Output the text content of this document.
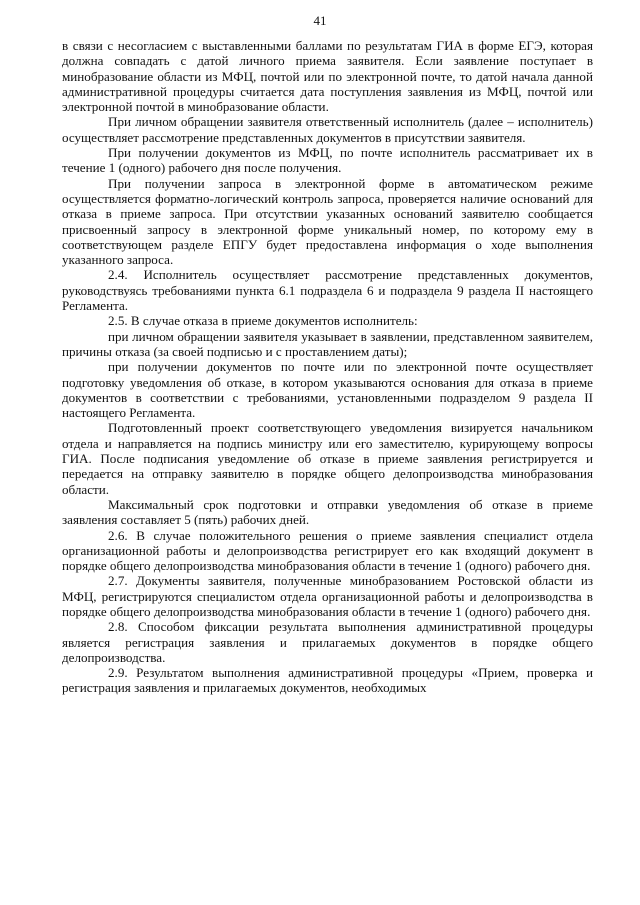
41

в связи с несогласием с выставленными баллами по результатам ГИА в форме ЕГЭ, которая должна совпадать с датой личного приема заявителя. Если заявление поступает в минобразование области из МФЦ, почтой или по электронной почте, то датой начала данной административной процедуры считается дата поступления заявления из МФЦ, почтой или электронной почтой в минобразование области.

При личном обращении заявителя ответственный исполнитель (далее – исполнитель) осуществляет рассмотрение представленных документов в присутствии заявителя.

При получении документов из МФЦ, по почте исполнитель рассматривает их в течение 1 (одного) рабочего дня после получения.

При получении запроса в электронной форме в автоматическом режиме осуществляется форматно-логический контроль запроса, проверяется наличие оснований для отказа в приеме запроса. При отсутствии указанных оснований заявителю сообщается присвоенный запросу в электронной форме уникальный номер, по которому ему в соответствующем разделе ЕПГУ будет предоставлена информация о ходе выполнения указанного запроса.

2.4. Исполнитель осуществляет рассмотрение представленных документов, руководствуясь требованиями пункта 6.1 подраздела 6 и подраздела 9 раздела II настоящего Регламента.

2.5. В случае отказа в приеме документов исполнитель:

при личном обращении заявителя указывает в заявлении, представленном заявителем, причины отказа (за своей подписью и с проставлением даты);

при получении документов по почте или по электронной почте осуществляет подготовку уведомления об отказе, в котором указываются основания для отказа в приеме документов в соответствии с требованиями, установленными подразделом 9 раздела II настоящего Регламента.

Подготовленный проект соответствующего уведомления визируется начальником отдела и направляется на подпись министру или его заместителю, курирующему вопросы ГИА. После подписания уведомление об отказе в приеме заявления регистрируется и передается на отправку заявителю в порядке общего делопроизводства минобразования области.

Максимальный срок подготовки и отправки уведомления об отказе в приеме заявления составляет 5 (пять) рабочих дней.

2.6. В случае положительного решения о приеме заявления специалист отдела организационной работы и делопроизводства регистрирует его как входящий документ в порядке общего делопроизводства минобразования области в течение 1 (одного) рабочего дня.

2.7. Документы заявителя, полученные минобразованием Ростовской области из МФЦ, регистрируются специалистом отдела организационной работы и делопроизводства в порядке общего делопроизводства минобразования области в течение 1 (одного) рабочего дня.

2.8. Способом фиксации результата выполнения административной процедуры является регистрация заявления и прилагаемых документов в порядке общего делопроизводства.

2.9. Результатом выполнения административной процедуры «Прием, проверка и регистрация заявления и прилагаемых документов, необходимых
